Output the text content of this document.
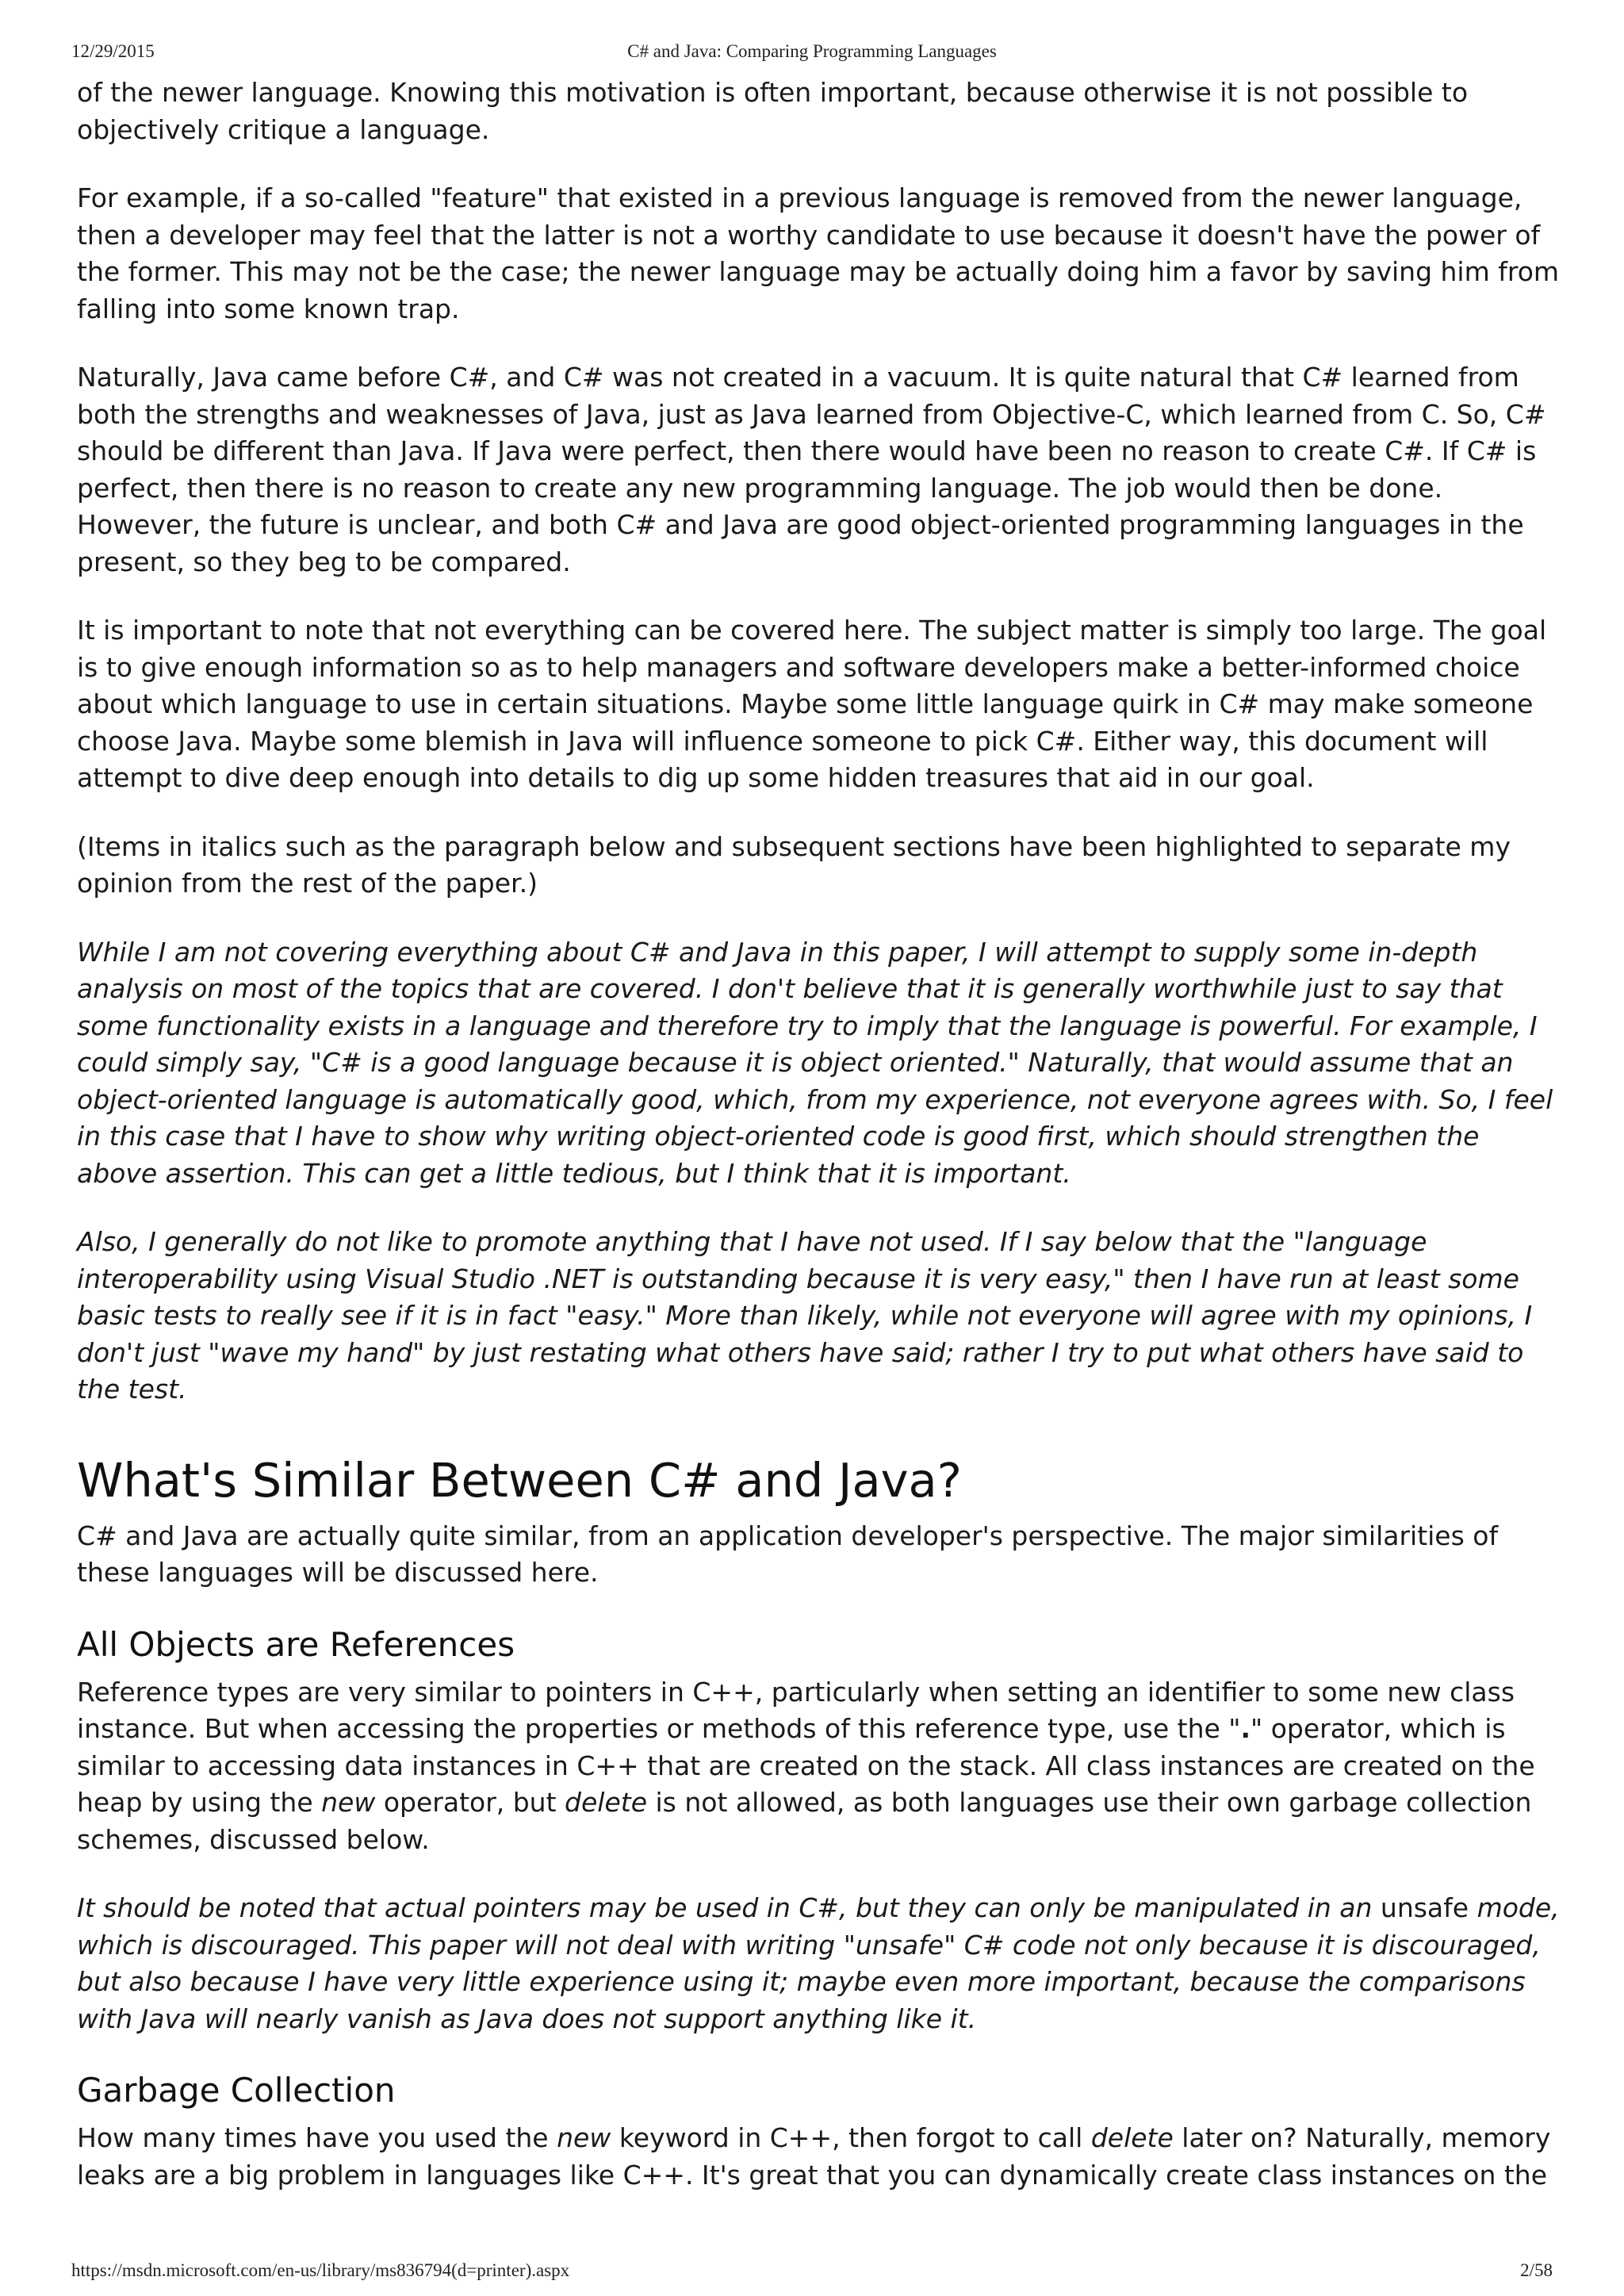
12/29/2015	C# and Java: Comparing Programming Languages

of the newer language. Knowing this motivation is often important, because otherwise it is not possible to objectively critique a language.

For example, if a so-called "feature" that existed in a previous language is removed from the newer language, then a developer may feel that the latter is not a worthy candidate to use because it doesn't have the power of the former. This may not be the case; the newer language may be actually doing him a favor by saving him from falling into some known trap.

Naturally, Java came before C#, and C# was not created in a vacuum. It is quite natural that C# learned from both the strengths and weaknesses of Java, just as Java learned from Objective-C, which learned from C. So, C# should be different than Java. If Java were perfect, then there would have been no reason to create C#. If C# is perfect, then there is no reason to create any new programming language. The job would then be done. However, the future is unclear, and both C# and Java are good object-oriented programming languages in the present, so they beg to be compared.

It is important to note that not everything can be covered here. The subject matter is simply too large. The goal is to give enough information so as to help managers and software developers make a better-informed choice about which language to use in certain situations. Maybe some little language quirk in C# may make someone choose Java. Maybe some blemish in Java will influence someone to pick C#. Either way, this document will attempt to dive deep enough into details to dig up some hidden treasures that aid in our goal.

(Items in italics such as the paragraph below and subsequent sections have been highlighted to separate my opinion from the rest of the paper.)

While I am not covering everything about C# and Java in this paper, I will attempt to supply some in-depth analysis on most of the topics that are covered. I don't believe that it is generally worthwhile just to say that some functionality exists in a language and therefore try to imply that the language is powerful. For example, I could simply say, "C# is a good language because it is object oriented." Naturally, that would assume that an object-oriented language is automatically good, which, from my experience, not everyone agrees with. So, I feel in this case that I have to show why writing object-oriented code is good first, which should strengthen the above assertion. This can get a little tedious, but I think that it is important.

Also, I generally do not like to promote anything that I have not used. If I say below that the "language interoperability using Visual Studio .NET is outstanding because it is very easy," then I have run at least some basic tests to really see if it is in fact "easy." More than likely, while not everyone will agree with my opinions, I don't just "wave my hand" by just restating what others have said; rather I try to put what others have said to the test.

What's Similar Between C# and Java?

C# and Java are actually quite similar, from an application developer's perspective. The major similarities of these languages will be discussed here.

All Objects are References

Reference types are very similar to pointers in C++, particularly when setting an identifier to some new class instance. But when accessing the properties or methods of this reference type, use the "." operator, which is similar to accessing data instances in C++ that are created on the stack. All class instances are created on the heap by using the new operator, but delete is not allowed, as both languages use their own garbage collection schemes, discussed below.

It should be noted that actual pointers may be used in C#, but they can only be manipulated in an unsafe mode, which is discouraged. This paper will not deal with writing "unsafe" C# code not only because it is discouraged, but also because I have very little experience using it; maybe even more important, because the comparisons with Java will nearly vanish as Java does not support anything like it.

Garbage Collection

How many times have you used the new keyword in C++, then forgot to call delete later on? Naturally, memory leaks are a big problem in languages like C++. It's great that you can dynamically create class instances on the

https://msdn.microsoft.com/en-us/library/ms836794(d=printer).aspx	2/58
